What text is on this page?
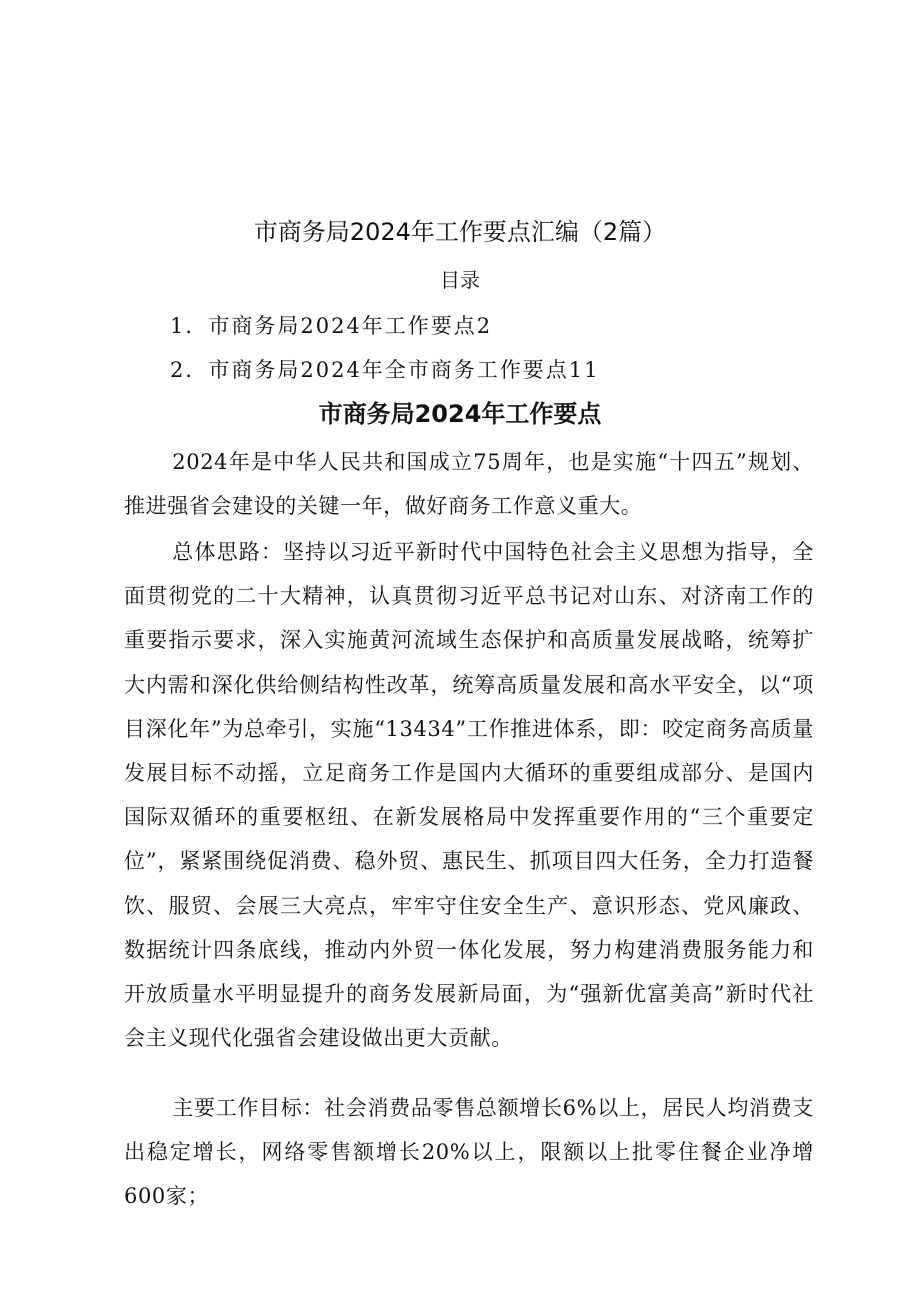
市商务局2024年工作要点汇编（2篇）
目录
1．市商务局2024年工作要点2
2．市商务局2024年全市商务工作要点11
市商务局2024年工作要点
2024年是中华人民共和国成立75周年，也是实施“十四五”规划、推进强省会建设的关键一年，做好商务工作意义重大。
总体思路：坚持以习近平新时代中国特色社会主义思想为指导，全面贯彻党的二十大精神，认真贯彻习近平总书记对山东、对济南工作的重要指示要求，深入实施黄河流域生态保护和高质量发展战略，统筹扩大内需和深化供给侧结构性改革，统筹高质量发展和高水平安全，以“项目深化年”为总牵引，实施“13434”工作推进体系，即：咬定商务高质量发展目标不动摇，立足商务工作是国内大循环的重要组成部分、是国内国际双循环的重要枢纽、在新发展格局中发挥重要作用的“三个重要定位”，紧紧围绕促消费、稳外贸、惠民生、抓项目四大任务，全力打造餐饮、服贸、会展三大亮点，牢牢守住安全生产、意识形态、党风廉政、数据统计四条底线，推动内外贸一体化发展，努力构建消费服务能力和开放质量水平明显提升的商务发展新局面，为“强新优富美高”新时代社会主义现代化强省会建设做出更大贡献。
主要工作目标：社会消费品零售总额增长6%以上，居民人均消费支出稳定增长，网络零售额增长20%以上，限额以上批零住餐企业净增600家；
